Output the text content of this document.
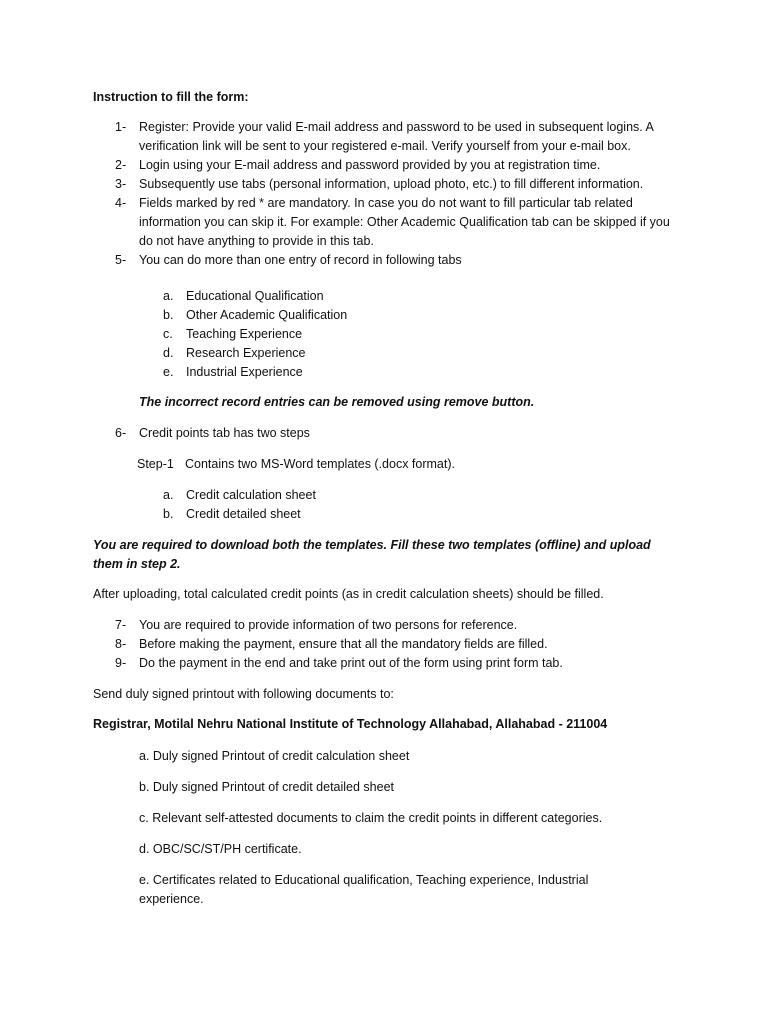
Instruction to fill the form:
1- Register: Provide your valid E-mail address and password to be used in subsequent logins. A verification link will be sent to your registered e-mail. Verify yourself from your e-mail box.
2- Login using your E-mail address and password provided by you at registration time.
3- Subsequently use tabs (personal information, upload photo, etc.) to fill different information.
4- Fields marked by red * are mandatory. In case you do not want to fill particular tab related information you can skip it. For example: Other Academic Qualification tab can be skipped if you do not have anything to provide in this tab.
5- You can do more than one entry of record in following tabs
a. Educational Qualification
b. Other Academic Qualification
c. Teaching Experience
d. Research Experience
e. Industrial Experience
The incorrect record entries can be removed using remove button.
6- Credit points tab has two steps
Step-1 Contains two MS-Word templates (.docx format).
a. Credit calculation sheet
b. Credit detailed sheet
You are required to download both the templates. Fill these two templates (offline) and upload them in step 2.
After uploading, total calculated credit points (as in credit calculation sheets) should be filled.
7- You are required to provide information of two persons for reference.
8- Before making the payment, ensure that all the mandatory fields are filled.
9- Do the payment in the end and take print out of the form using print form tab.
Send duly signed printout with following documents to:
Registrar, Motilal Nehru National Institute of Technology Allahabad, Allahabad - 211004
a. Duly signed Printout of credit calculation sheet
b. Duly signed Printout of credit detailed sheet
c. Relevant self-attested documents to claim the credit points in different categories.
d. OBC/SC/ST/PH certificate.
e. Certificates related to Educational qualification, Teaching experience, Industrial experience.
